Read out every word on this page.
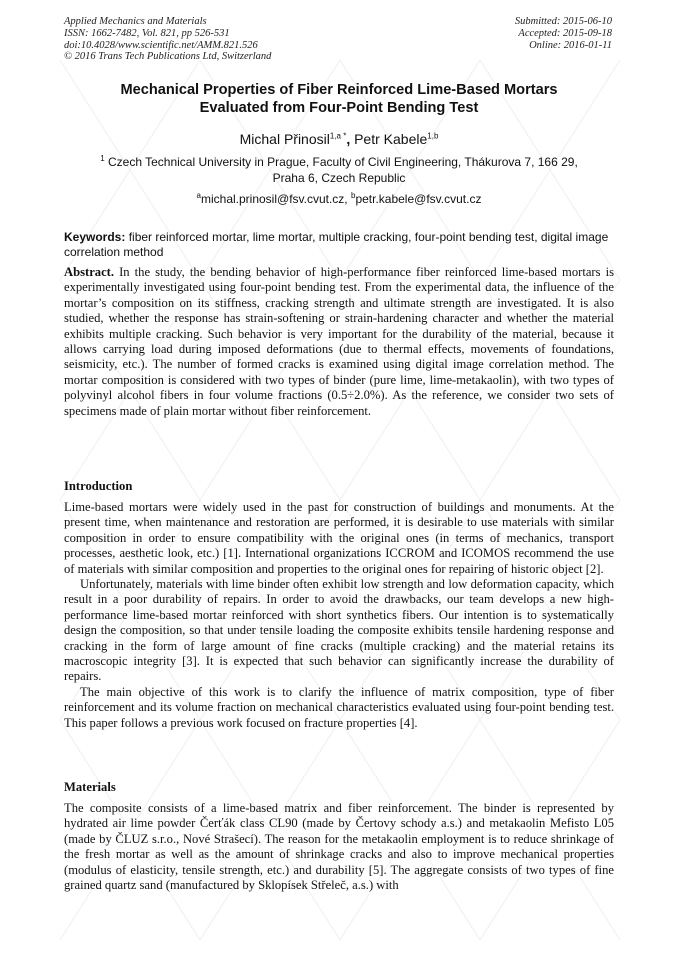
Applied Mechanics and Materials
ISSN: 1662-7482, Vol. 821, pp 526-531
doi:10.4028/www.scientific.net/AMM.821.526
© 2016 Trans Tech Publications Ltd, Switzerland
Submitted: 2015-06-10
Accepted: 2015-09-18
Online: 2016-01-11
Mechanical Properties of Fiber Reinforced Lime-Based Mortars
Evaluated from Four-Point Bending Test
Michal Přinosil$^{1,a *}$, Petr Kabele$^{1,b}$
$^1$ Czech Technical University in Prague, Faculty of Civil Engineering, Thákurova 7, 166 29,
Praha 6, Czech Republic
$^a$michal.prinosil@fsv.cvut.cz, $^b$petr.kabele@fsv.cvut.cz
Keywords: fiber reinforced mortar, lime mortar, multiple cracking, four-point bending test, digital image correlation method
Abstract. In the study, the bending behavior of high-performance fiber reinforced lime-based mortars is experimentally investigated using four-point bending test. From the experimental data, the influence of the mortar’s composition on its stiffness, cracking strength and ultimate strength are investigated. It is also studied, whether the response has strain-softening or strain-hardening character and whether the material exhibits multiple cracking. Such behavior is very important for the durability of the material, because it allows carrying load during imposed deformations (due to thermal effects, movements of foundations, seismicity, etc.). The number of formed cracks is examined using digital image correlation method. The mortar composition is considered with two types of binder (pure lime, lime-metakaolin), with two types of polyvinyl alcohol fibers in four volume fractions (0.5÷2.0%). As the reference, we consider two sets of specimens made of plain mortar without fiber reinforcement.
Introduction

Lime-based mortars were widely used in the past for construction of buildings and monuments. At the present time, when maintenance and restoration are performed, it is desirable to use materials with similar composition in order to ensure compatibility with the original ones (in terms of mechanics, transport processes, aesthetic look, etc.) [1]. International organizations ICCROM and ICOMOS recommend the use of materials with similar composition and properties to the original ones for repairing of historic object [2].

Unfortunately, materials with lime binder often exhibit low strength and low deformation capacity, which result in a poor durability of repairs. In order to avoid the drawbacks, our team develops a new high-performance lime-based mortar reinforced with short synthetics fibers. Our intention is to systematically design the composition, so that under tensile loading the composite exhibits tensile hardening response and cracking in the form of large amount of fine cracks (multiple cracking) and the material retains its macroscopic integrity [3]. It is expected that such behavior can significantly increase the durability of repairs.

The main objective of this work is to clarify the influence of matrix composition, type of fiber reinforcement and its volume fraction on mechanical characteristics evaluated using four-point bending test. This paper follows a previous work focused on fracture properties [4].

Materials

The composite consists of a lime-based matrix and fiber reinforcement. The binder is represented by hydrated air lime powder Čerťák class CL90 (made by Čertovy schody a.s.) and metakaolin Mefisto L05 (made by ČLUZ s.r.o., Nové Strašecí). The reason for the metakaolin employment is to reduce shrinkage of the fresh mortar as well as the amount of shrinkage cracks and also to improve mechanical properties (modulus of elasticity, tensile strength, etc.) and durability [5]. The aggregate consists of two types of fine grained quartz sand (manufactured by Sklopísek Střeleč, a.s.) with
